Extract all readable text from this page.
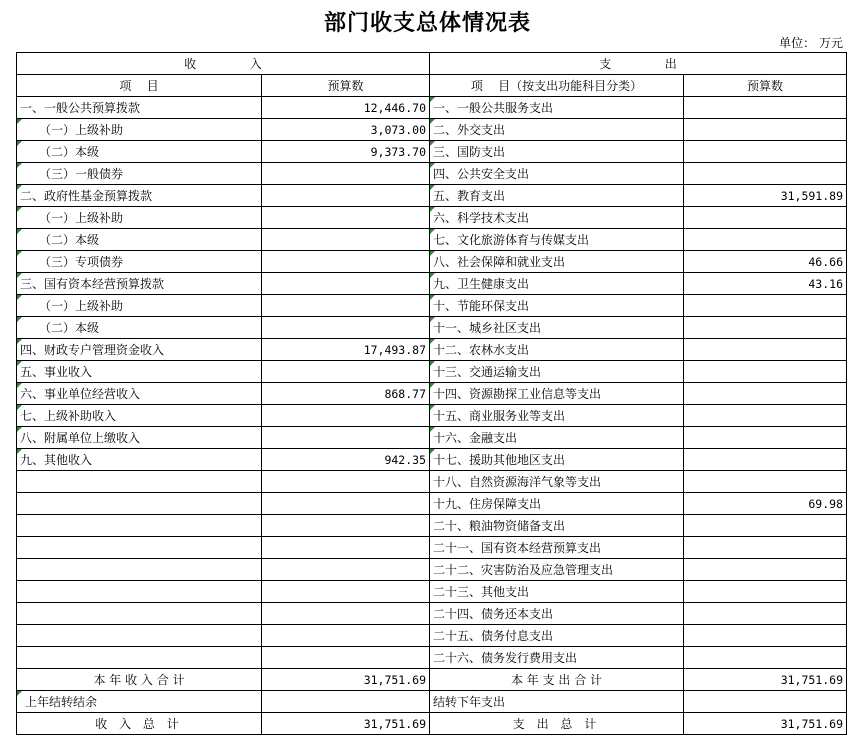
部门收支总体情况表
单位： 万元
收              入		支              出	
项    目	预算数	项    目（按支出功能科目分类）	预算数
一、一般公共预算拨款	12,446.70	一、一般公共服务支出	
（一）上级补助	3,073.00	二、外交支出	
（二）本级	9,373.70	三、国防支出	
（三）一般债券		四、公共安全支出	
二、政府性基金预算拨款		五、教育支出	31,591.89
（一）上级补助		六、科学技术支出	
（二）本级		七、文化旅游体育与传媒支出	
（三）专项债券		八、社会保障和就业支出	46.66
三、国有资本经营预算拨款		九、卫生健康支出	43.16
（一）上级补助		十、节能环保支出	
（二）本级		十一、城乡社区支出	
四、财政专户管理资金收入	17,493.87	十二、农林水支出	
五、事业收入		十三、交通运输支出	
六、事业单位经营收入	868.77	十四、资源勘探工业信息等支出	
七、上级补助收入		十五、商业服务业等支出	
八、附属单位上缴收入		十六、金融支出	
九、其他收入	942.35	十七、援助其他地区支出	
		十八、自然资源海洋气象等支出	
		十九、住房保障支出	69.98
		二十、粮油物资储备支出	
		二十一、国有资本经营预算支出	
		二十二、灾害防治及应急管理支出	
		二十三、其他支出	
		二十四、债务还本支出	
		二十五、债务付息支出	
		二十六、债务发行费用支出	
本 年 收 入 合 计	31,751.69	本 年 支 出 合 计	31,751.69
上年结转结余		结转下年支出	
收 入 总 计	31,751.69	支 出 总 计	31,751.69
